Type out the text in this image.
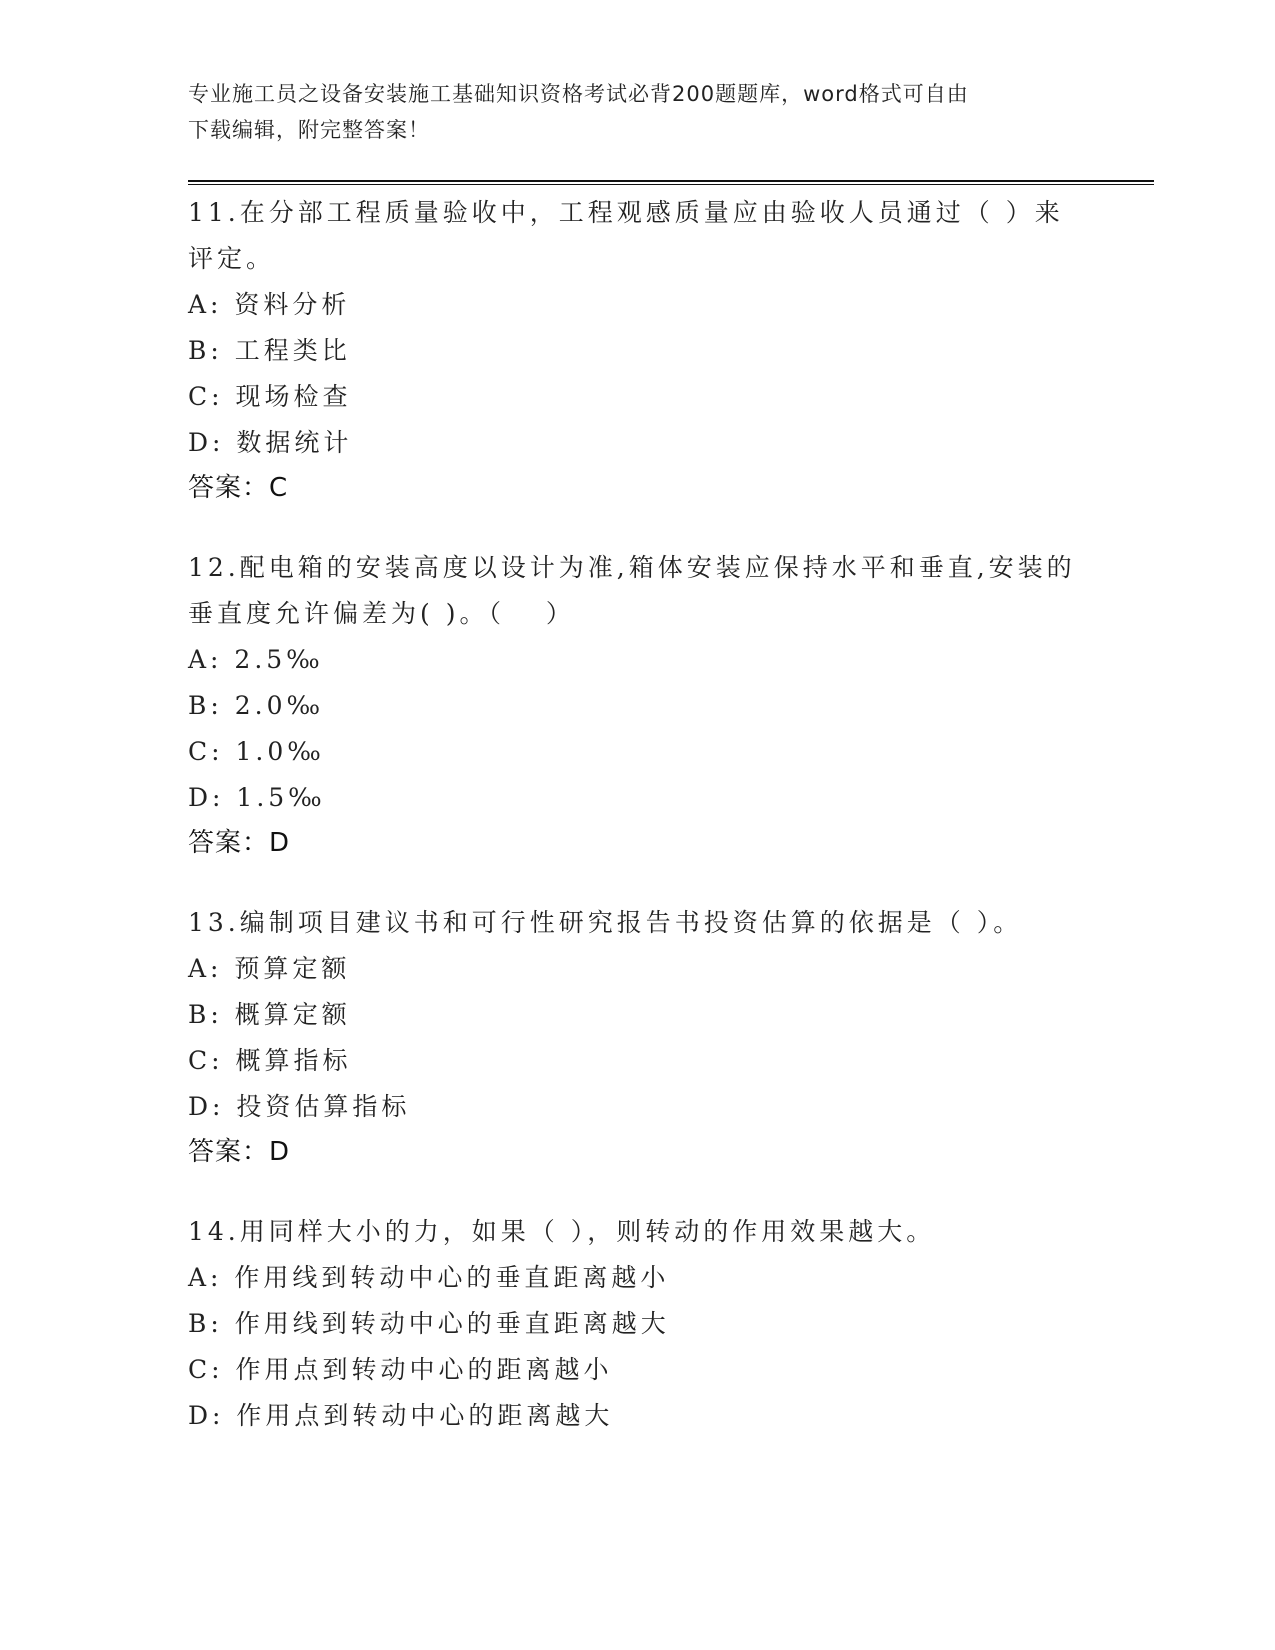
专业施工员之设备安装施工基础知识资格考试必背200题题库，word格式可自由
下载编辑，附完整答案！
11.在分部工程质量验收中，工程观感质量应由验收人员通过（ ）来
评定。
A: 资料分析
B: 工程类比
C: 现场检查
D: 数据统计
答案：C
12.配电箱的安装高度以设计为准,箱体安装应保持水平和垂直,安装的
垂直度允许偏差为( )。（　 ）
A: 2.5‰
B: 2.0‰
C: 1.0‰
D: 1.5‰
答案：D
13.编制项目建议书和可行性研究报告书投资估算的依据是（ ）。
A: 预算定额
B: 概算定额
C: 概算指标
D: 投资估算指标
答案：D
14.用同样大小的力，如果（ ），则转动的作用效果越大。
A: 作用线到转动中心的垂直距离越小
B: 作用线到转动中心的垂直距离越大
C: 作用点到转动中心的距离越小
D: 作用点到转动中心的距离越大
